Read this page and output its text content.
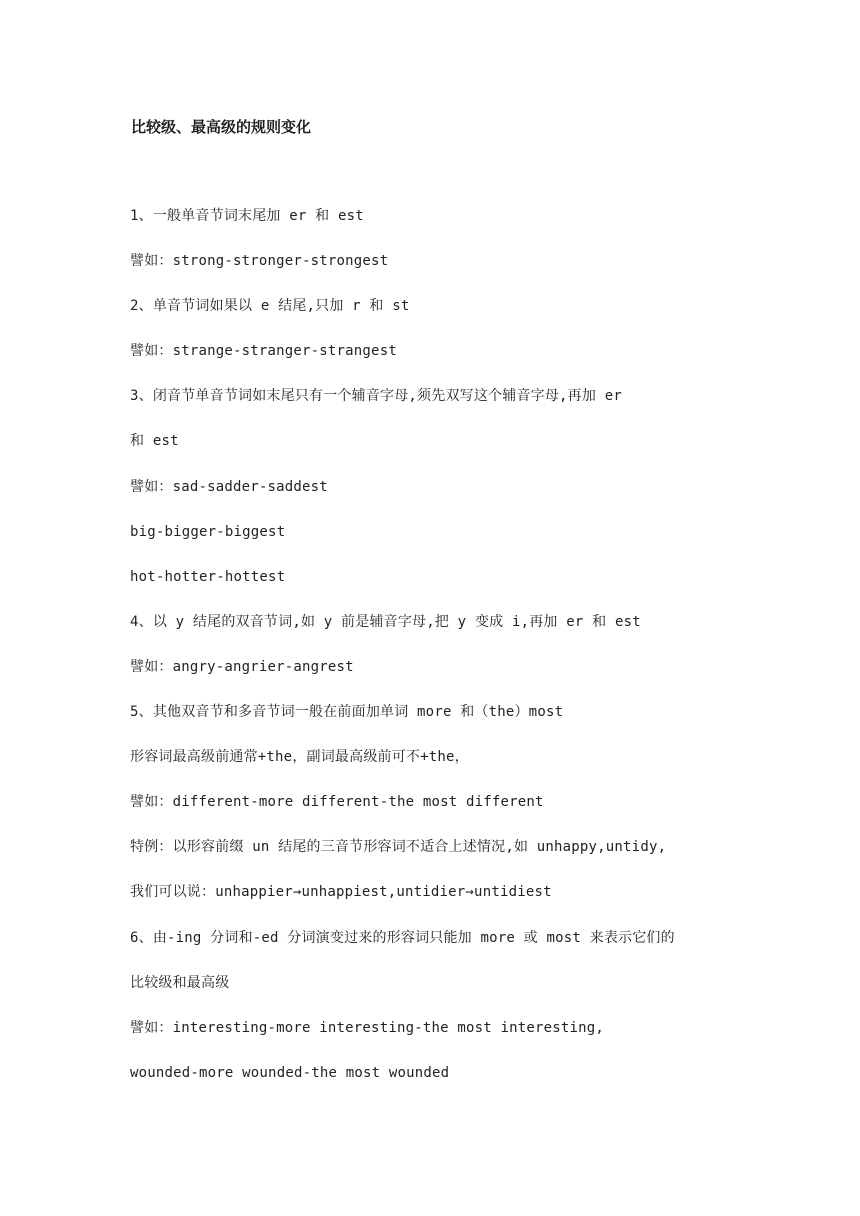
比较级、最高级的规则变化
1、一般单音节词末尾加 er 和 est
譬如：strong-stronger-strongest
2、单音节词如果以 e 结尾,只加 r 和 st
譬如：strange-stranger-strangest
3、闭音节单音节词如末尾只有一个辅音字母,须先双写这个辅音字母,再加 er
和 est
譬如：sad-sadder-saddest
big-bigger-biggest
hot-hotter-hottest
4、以 y 结尾的双音节词,如 y 前是辅音字母,把 y 变成 i,再加 er 和 est
譬如：angry-angrier-angrest
5、其他双音节和多音节词一般在前面加单词 more 和（the）most
形容词最高级前通常+the，副词最高级前可不+the，
譬如：different-more different-the most different
特例：以形容前缀 un 结尾的三音节形容词不适合上述情况,如 unhappy,untidy,
我们可以说：unhappier→unhappiest,untidier→untidiest
6、由-ing 分词和-ed 分词演变过来的形容词只能加 more 或 most 来表示它们的
比较级和最高级
譬如：interesting-more interesting-the most interesting,
wounded-more wounded-the most wounded
